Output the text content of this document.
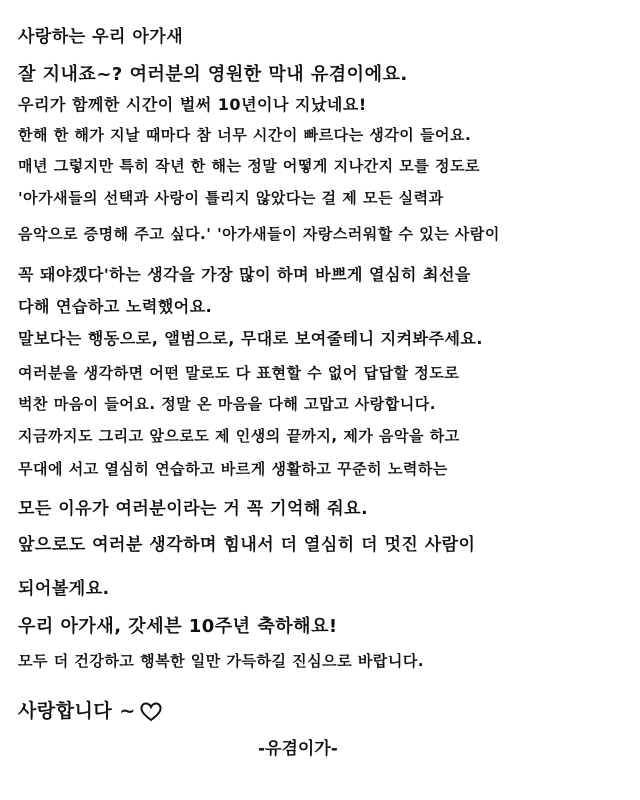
사랑하는 우리 아가새
잘 지내죠~? 여러분의 영원한 막내 유겸이에요.
우리가 함께한 시간이 벌써 10년이나 지났네요!
한해 한 해가 지날 때마다 참 너무 시간이 빠르다는 생각이 들어요.
매년 그렇지만 특히 작년 한 해는 정말 어떻게 지나간지 모를 정도로
'아가새들의 선택과 사랑이 틀리지 않았다는 걸 제 모든 실력과
음악으로 증명해 주고 싶다.' '아가새들이 자랑스러워할 수 있는 사람이
꼭 돼야겠다'하는 생각을 가장 많이 하며 바쁘게 열심히 최선을
다해 연습하고 노력했어요.
말보다는 행동으로, 앨범으로, 무대로 보여줄테니 지켜봐주세요.
여러분을 생각하면 어떤 말로도 다 표현할 수 없어 답답할 정도로
벅찬 마음이 들어요. 정말 온 마음을 다해 고맙고 사랑합니다.
지금까지도 그리고 앞으로도 제 인생의 끝까지, 제가 음악을 하고
무대에 서고 열심히 연습하고 바르게 생활하고 꾸준히 노력하는
모든 이유가 여러분이라는 거 꼭 기억해 줘요.
앞으로도 여러분 생각하며 힘내서 더 열심히 더 멋진 사람이
되어볼게요.
우리 아가새, 갓세븐 10주년 축하해요!
모두 더 건강하고 행복한 일만 가득하길 진심으로 바랍니다.
사랑합니다 ~
-유겸이가-
